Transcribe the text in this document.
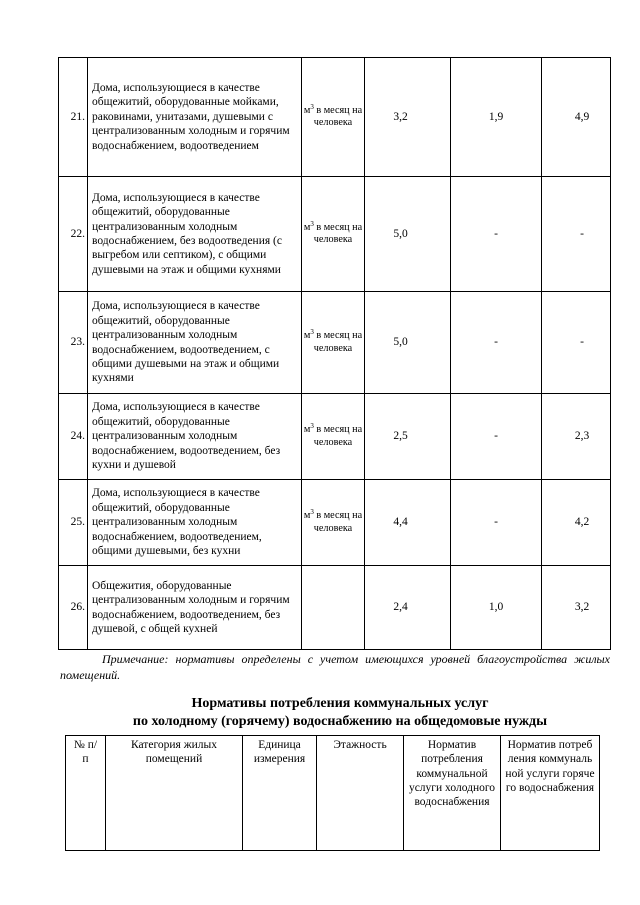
21.	Дома, использующиеся в качестве общежитий, оборудованные мойками, раковинами, унитазами, душевыми с централизованным холодным и горячим водоснабжением, водоотведением	$м^3$ в месяц на человека	3,2	1,9	4,9
22.	Дома, использующиеся в качестве общежитий, оборудованные централизованным холодным водоснабжением, без водоотведения (с выгребом или септиком), с общими душевыми на этаж и общими кухнями	$м^3$ в месяц на человека	5,0	-	-
23.	Дома, использующиеся в качестве общежитий, оборудованные централизованным холодным водоснабжением, водоотведением, с общими душевыми на этаж и общими кухнями	$м^3$ в месяц на человека	5,0	-	-
24.	Дома, использующиеся в качестве общежитий, оборудованные централизованным холодным водоснабжением, водоотведением, без кухни и душевой	$м^3$ в месяц на человека	2,5	-	2,3
25.	Дома, использующиеся в качестве общежитий, оборудованные централизованным холодным водоснабжением, водоотведением, общими душевыми, без кухни	$м^3$ в месяц на человека	4,4	-	4,2
26.	Общежития, оборудованные централизованным холодным и горячим водоснабжением, водоотведением, без душевой, с общей кухней		2,4	1,0	3,2
Примечание: нормативы определены с учетом имеющихся уровней благоустройства жилых помещений.
Нормативы потребления коммунальных услуг
по холодному (горячему) водоснабжению на общедомовые нужды
№ п/п	Категория жилых помещений	Единица измерения	Этажность	Норматив потребления коммунальной услуги холодного водоснабжения	Норматив потребления коммунальной услуги горячего водоснабжения
